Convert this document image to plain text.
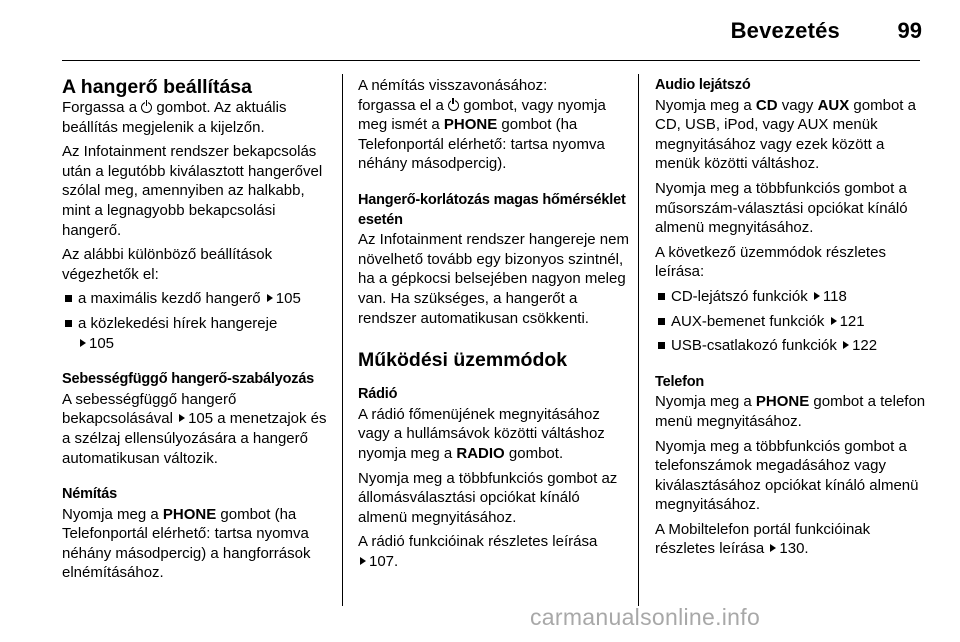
Bevezetés	99
A hangerő beállítása

Forgassa a gombot. Az aktuális beállítás megjelenik a kijelzőn.

Az Infotainment rendszer bekapcsolás után a legutóbb kiválasztott hangerővel szólal meg, amennyiben az halkabb, mint a legnagyobb bekapcsolási hangerő.

Az alábbi különböző beállítások végezhetők el:

a maximális kezdő hangerő 105
a közlekedési hírek hangereje
105
Sebességfüggő hangerő-szabályozás

A sebességfüggő hangerő bekapcsolásával 105 a menetzajok és a szélzaj ellensúlyozására a hangerő automatikusan változik.

Némítás

Nyomja meg a PHONE gombot (ha Telefonportál elérhető: tartsa nyomva néhány másodpercig) a hangforrások elnémításához.

A némítás visszavonásához:

forgassa el a gombot, vagy nyomja meg ismét a PHONE gombot (ha Telefonportál elérhető: tartsa nyomva néhány másodpercig).

Hangerő-korlátozás magas hőmérséklet esetén

Az Infotainment rendszer hangereje nem növelhető tovább egy bizonyos szintnél, ha a gépkocsi belsejében nagyon meleg van. Ha szükséges, a hangerőt a rendszer automatikusan csökkenti.

Működési üzemmódok
Rádió

A rádió főmenüjének megnyitásához vagy a hullámsávok közötti váltáshoz nyomja meg a RADIO gombot.

Nyomja meg a többfunkciós gombot az állomásválasztási opciókat kínáló almenü megnyitásához.

A rádió funkcióinak részletes leírása
107.

Audio lejátszó

Nyomja meg a CD vagy AUX gombot a CD, USB, iPod, vagy AUX menük megnyitásához vagy ezek között a menük közötti váltáshoz.

Nyomja meg a többfunkciós gombot a műsorszám-választási opciókat kínáló almenü megnyitásához.

A következő üzemmódok részletes leírása:

CD-lejátszó funkciók 118
AUX-bemenet funkciók 121
USB-csatlakozó funkciók 122
Telefon

Nyomja meg a PHONE gombot a telefon menü megnyitásához.

Nyomja meg a többfunkciós gombot a telefonszámok megadásához vagy kiválasztásához opciókat kínáló almenü megnyitásához.

A Mobiltelefon portál funkcióinak részletes leírása 130.

carmanualsonline.info
